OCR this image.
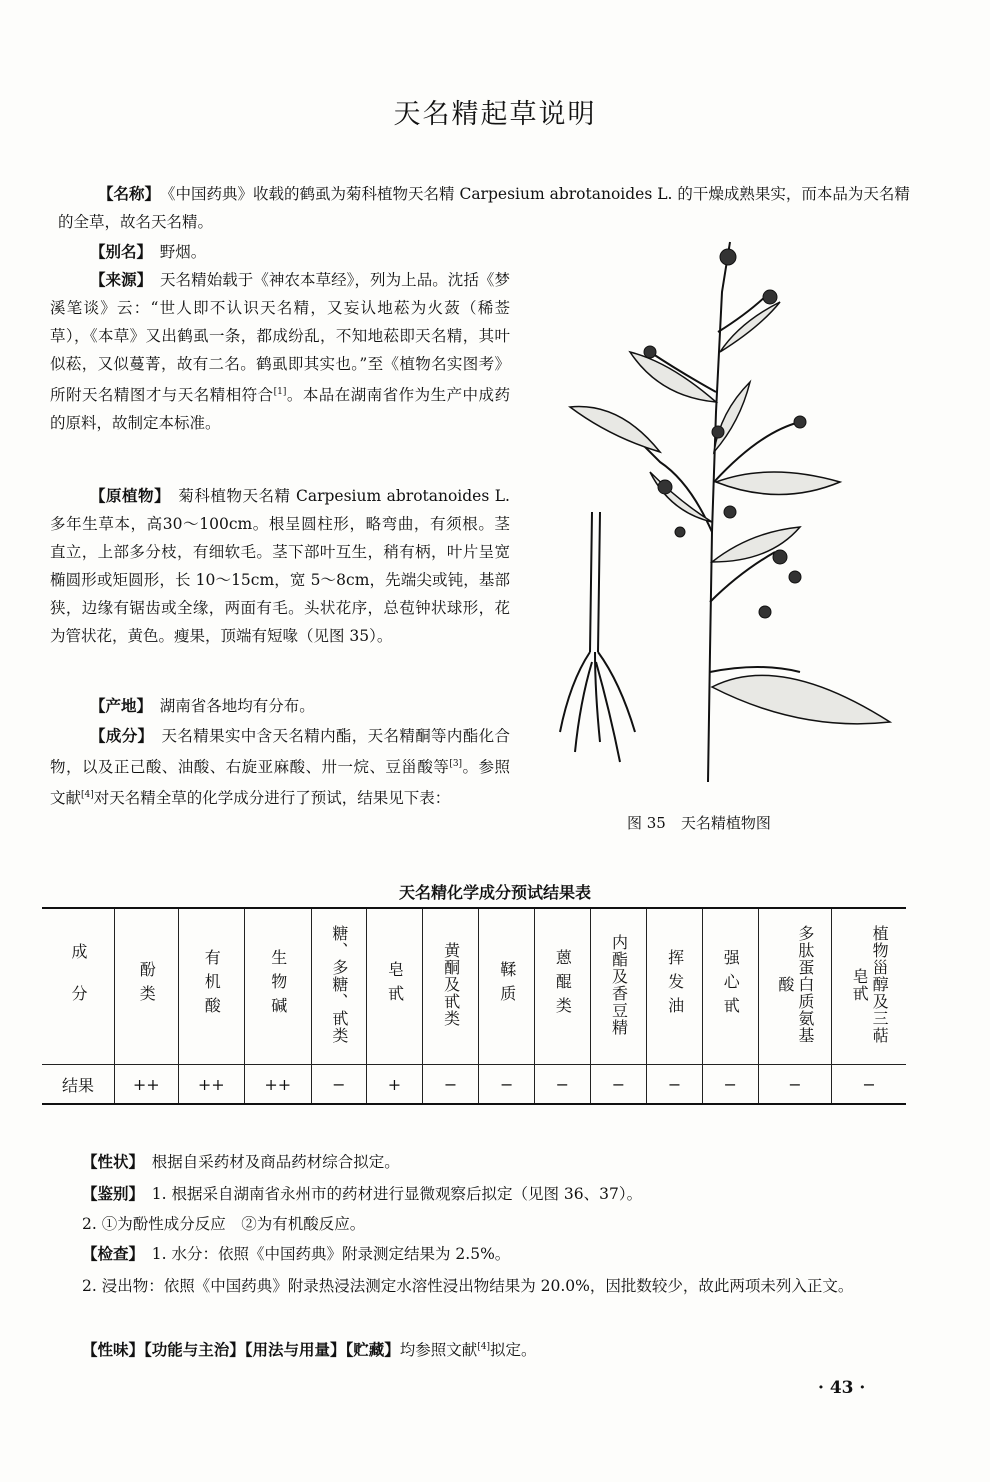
天名精起草说明

【名称】　 《中国药典》收载的鹤虱为菊科植物天名精 Carpesium abrotanoides L. 的干燥成熟果实，而本品为天名精的全草，故名天名精。

【别名】　 野烟。

【来源】　 天名精始载于《神农本草经》，列为上品。沈括《梦溪笔谈》云：“世人即不认识天名精，又妄认地菘为火蔹（稀莶草），《本草》又出鹤虱一条，都成纷乱，不知地菘即天名精，其叶似菘，又似蔓菁，故有二名。鹤虱即其实也。”至《植物名实图考》所附天名精图才与天名精相符合[1]。本品在湖南省作为生产中成药的原料，故制定本标准。

【原植物】　 菊科植物天名精 Carpesium abrotanoides L. 多年生草本，高30～100cm。根呈圆柱形，略弯曲，有须根。茎直立，上部多分枝，有细软毛。茎下部叶互生，稍有柄，叶片呈宽椭圆形或矩圆形，长 10～15cm，宽 5～8cm，先端尖或钝，基部狭，边缘有锯齿或全缘，两面有毛。头状花序，总苞钟状球形，花为管状花，黄色。瘦果，顶端有短喙（见图 35）。

【产地】　 湖南省各地均有分布。

【成分】　 天名精果实中含天名精内酯，天名精酮等内酯化合物，以及正己酸、油酸、右旋亚麻酸、卅一烷、豆甾酸等[3]。参照文献[4]对天名精全草的化学成分进行了预试，结果见下表：

图 35　天名精植物图
天名精化学成分预试结果表
成分	酚类	有机酸	生物碱	糖、多糖、甙类	皂甙	黄酮及甙类	鞣质	蒽醌类	内酯及香豆精	挥发油	强心甙	多肽蛋白质氨基酸	植物甾醇及三萜皂甙
结果	++	++	++	−	+	−	−	−	−	−	−	−	−

【性状】　 根据自采药材及商品药材综合拟定。

【鉴别】　 1. 根据采自湖南省永州市的药材进行显微观察后拟定（见图 36、37）。

2. ①为酚性成分反应　②为有机酸反应。

【检查】　 1. 水分：依照《中国药典》附录测定结果为 2.5%。

2. 浸出物：依照《中国药典》附录热浸法测定水溶性浸出物结果为 20.0%，因批数较少，故此两项未列入正文。

【性味】【功能与主治】【用法与用量】【贮藏】均参照文献[4]拟定。

· 43 ·
